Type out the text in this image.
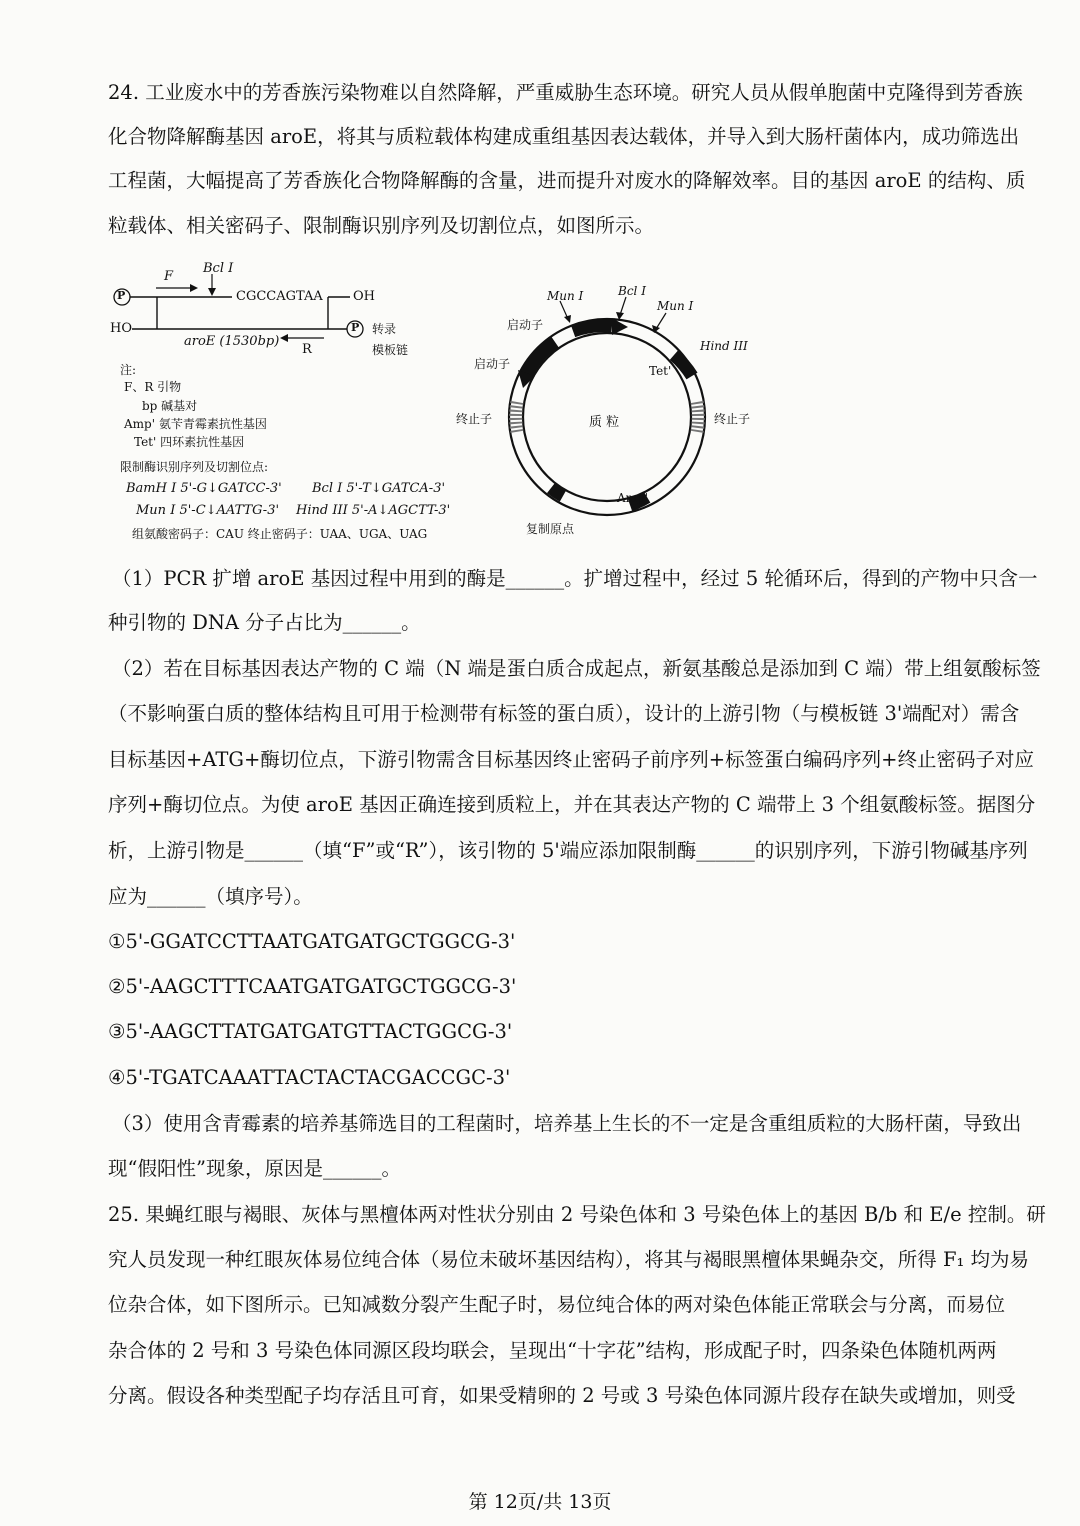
24. 工业废水中的芳香族污染物难以自然降解，严重威胁生态环境。研究人员从假单胞菌中克隆得到芳香族
化合物降解酶基因 aroE，将其与质粒载体构建成重组基因表达载体，并导入到大肠杆菌体内，成功筛选出
工程菌，大幅提高了芳香族化合物降解酶的含量，进而提升对废水的降解效率。目的基因 aroE 的结构、质
粒载体、相关密码子、限制酶识别序列及切割位点，如图所示。
P
P
F
Bcl I
CGCCAGTAA OH
HO
aroE (1530bp)
R
转录
模板链
注:
F、R 引物
bp 碱基对
Amp' 氨苄青霉素抗性基因
Tet' 四环素抗性基因
限制酶识别序列及切割位点:
BamH I 5'-G↓GATCC-3' Bcl I 5'-T↓GATCA-3'
Mun I 5'-C↓AATTG-3' Hind III 5'-A↓AGCTT-3'
组氨酸密码子：CAU 终止密码子：UAA、UGA、UAG
Mun I	Bcl I
Mun I
Hind III
启动子
启动子	Tet'
终止子	终止子
质 粒
Amp'
复制原点
（1）PCR 扩增 aroE 基因过程中用到的酶是______。扩增过程中，经过 5 轮循环后，得到的产物中只含一
种引物的 DNA 分子占比为______。
（2）若在目标基因表达产物的 C 端（N 端是蛋白质合成起点，新氨基酸总是添加到 C 端）带上组氨酸标签
（不影响蛋白质的整体结构且可用于检测带有标签的蛋白质），设计的上游引物（与模板链 3'端配对）需含
目标基因+ATG+酶切位点，下游引物需含目标基因终止密码子前序列+标签蛋白编码序列+终止密码子对应
序列+酶切位点。为使 aroE 基因正确连接到质粒上，并在其表达产物的 C 端带上 3 个组氨酸标签。据图分
析，上游引物是______（填“F”或“R”），该引物的 5'端应添加限制酶______的识别序列，下游引物碱基序列
应为______（填序号）。
①5'-GGATCCTTAATGATGATGCTGGCG-3'
②5'-AAGCTTTCAATGATGATGCTGGCG-3'
③5'-AAGCTTATGATGATGTTACTGGCG-3'
④5'-TGATCAAATTACTACTACGACCGC-3'
（3）使用含青霉素的培养基筛选目的工程菌时，培养基上生长的不一定是含重组质粒的大肠杆菌，导致出
现“假阳性”现象，原因是______。
25. 果蝇红眼与褐眼、灰体与黑檀体两对性状分别由 2 号染色体和 3 号染色体上的基因 B/b 和 E/e 控制。研
究人员发现一种红眼灰体易位纯合体（易位未破坏基因结构），将其与褐眼黑檀体果蝇杂交，所得 F₁ 均为易
位杂合体，如下图所示。已知减数分裂产生配子时，易位纯合体的两对染色体能正常联会与分离，而易位
杂合体的 2 号和 3 号染色体同源区段均联会，呈现出“十字花”结构，形成配子时，四条染色体随机两两
分离。假设各种类型配子均存活且可育，如果受精卵的 2 号或 3 号染色体同源片段存在缺失或增加，则受
第 12页/共 13页
